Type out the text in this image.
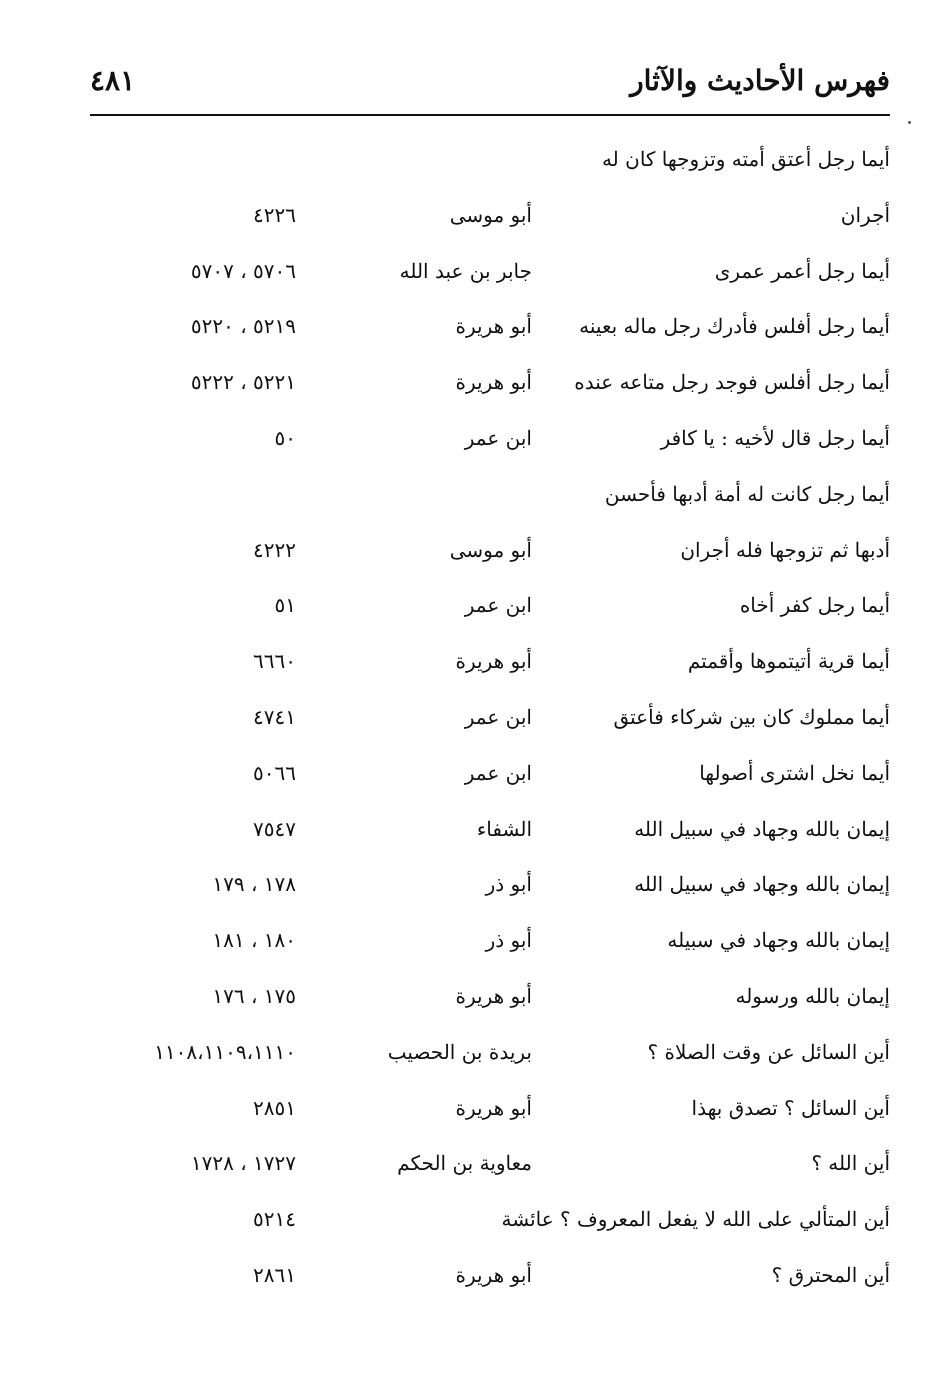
فهرس الأحاديث والآثار
٤٨١
أيما رجل أعتق أمته وتزوجها كان له
أجران
أبو موسى
٤٢٢٦
أيما رجل أعمر عمرى
جابر بن عبد الله
٥٧٠٦ ، ٥٧٠٧
أيما رجل أفلس فأدرك رجل ماله بعينه
أبو هريرة
٥٢١٩ ، ٥٢٢٠
أيما رجل أفلس فوجد رجل متاعه عنده
أبو هريرة
٥٢٢١ ، ٥٢٢٢
أيما رجل قال لأخيه : يا كافر
ابن عمر
٥٠
أيما رجل كانت له أمة أدبها فأحسن
أدبها ثم تزوجها فله أجران
أبو موسى
٤٢٢٢
أيما رجل كفر أخاه
ابن عمر
٥١
أيما قرية أتيتموها وأقمتم
أبو هريرة
٦٦٦٠
أيما مملوك كان بين شركاء فأعتق
ابن عمر
٤٧٤١
أيما نخل اشترى أصولها
ابن عمر
٥٠٦٦
إيمان بالله وجهاد في سبيل الله
الشفاء
٧٥٤٧
إيمان بالله وجهاد في سبيل الله
أبو ذر
١٧٨ ، ١٧٩
إيمان بالله وجهاد في سبيله
أبو ذر
١٨٠ ، ١٨١
إيمان بالله ورسوله
أبو هريرة
١٧٥ ، ١٧٦
أين السائل عن وقت الصلاة ؟
بريدة بن الحصيب
١١٠٨،١١٠٩،١١١٠
أين السائل ؟ تصدق بهذا
أبو هريرة
٢٨٥١
أين الله ؟
معاوية بن الحكم
١٧٢٧ ، ١٧٢٨
أين المتألي على الله لا يفعل المعروف ؟ عائشة
٥٢١٤
أين المحترق ؟
أبو هريرة
٢٨٦١
